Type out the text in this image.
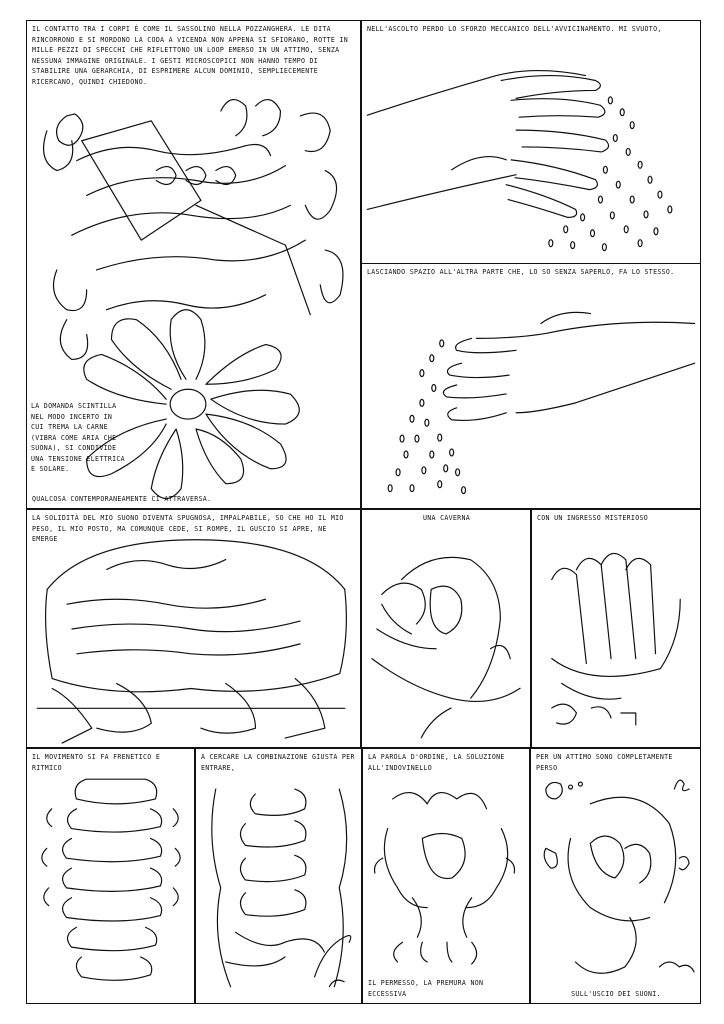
IL CONTATTO TRA I CORPI È COME IL SASSOLINO NELLA POZZANGHERA. LE DITA RINCORRONO E SI MORDONO LA CODA A VICENDA NON APPENA SI SFIORANO, ROTTE IN MILLE PEZZI DI SPECCHI CHE RIFLETTONO UN LOOP EMERSO IN UN ATTIMO, SENZA NESSUNA IMMAGINE ORIGINALE. I GESTI MICROSCOPICI NON HANNO TEMPO DI STABILIRE UNA GERARCHIA, DI ESPRIMERE ALCUN DOMINIO, SEMPLIECEMENTE RICERCANO, QUINDI CHIEDONO.
LA DOMANDA SCINTILLA NEL MODO INCERTO IN CUI TREMA LA CARNE (VIBRA COME ARIA CHE SUONA), SI CONDIVIDE UNA TENSIONE ELETTRICA E SOLARE.
QUALCOSA CONTEMPORANEAMENTE CI ATTRAVERSA.
NELL'ASCOLTO PERDO LO SFORZO MECCANICO DELL'AVVICINAMENTO. MI SVUOTO,
LASCIANDO SPAZIO ALL'ALTRA PARTE CHE, LO SO SENZA SAPERLO, FA LO STESSO.
LA SOLIDITÀ DEL MIO SUONO DIVENTA SPUGNOSA, IMPALPABILE, SO CHE HO IL MIO PESO, IL MIO POSTO, MA COMUNQUE CEDE, SI ROMPE, IL GUSCIO SI APRE, NE EMERGE
UNA CAVERNA	CON UN INGRESSO MISTERIOSO
IL MOVIMENTO SI FA FRENETICO E RITMICO
A CERCARE LA COMBINAZIONE GIUSTA PER ENTRARE,
LA PAROLA D'ORDINE, LA SOLUZIONE ALL'INDOVINELLO
IL PERMESSO, LA PREMURA NON ECCESSIVA
PER UN ATTIMO SONO COMPLETAMENTE PERSO
SULL'USCIO DEI SUONI.
